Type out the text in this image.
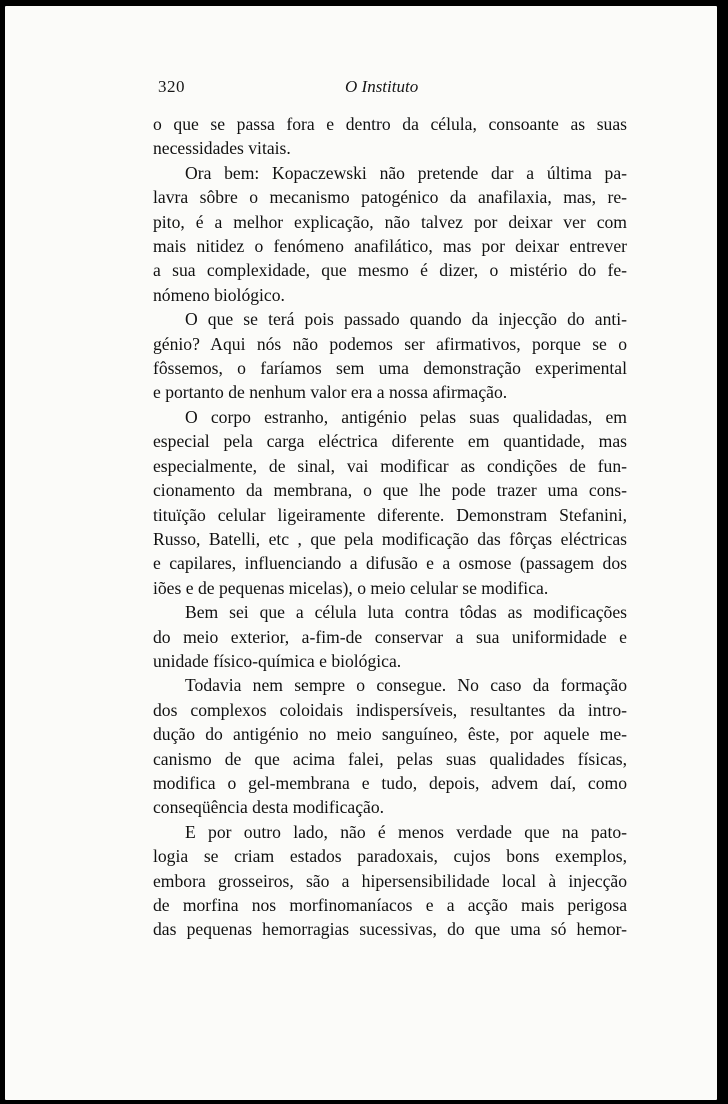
320	O Instituto

o que se passa fora e dentro da célula, consoante as suas

necessidades vitais.

Ora bem: Kopaczewski não pretende dar a última pa-

lavra sôbre o mecanismo patogénico da anafilaxia, mas, re-

pito, é a melhor explicação, não talvez por deixar ver com

mais nitidez o fenómeno anafilático, mas por deixar entrever

a sua complexidade, que mesmo é dizer, o mistério do fe-

nómeno biológico.

O que se terá pois passado quando da injecção do anti-

génio? Aqui nós não podemos ser afirmativos, porque se o

fôssemos, o faríamos sem uma demonstração experimental

e portanto de nenhum valor era a nossa afirmação.

O corpo estranho, antigénio pelas suas qualidadas, em

especial pela carga eléctrica diferente em quantidade, mas

especialmente, de sinal, vai modificar as condições de fun-

cionamento da membrana, o que lhe pode trazer uma cons-

tituïção celular ligeiramente diferente. Demonstram Stefanini,

Russo, Batelli, etc , que pela modificação das fôrças eléctricas

e capilares, influenciando a difusão e a osmose (passagem dos

iões e de pequenas micelas), o meio celular se modifica.

Bem sei que a célula luta contra tôdas as modificações

do meio exterior, a-fim-de conservar a sua uniformidade e

unidade físico-química e biológica.

Todavia nem sempre o consegue. No caso da formação

dos complexos coloidais indispersíveis, resultantes da intro-

dução do antigénio no meio sanguíneo, êste, por aquele me-

canismo de que acima falei, pelas suas qualidades físicas,

modifica o gel-membrana e tudo, depois, advem daí, como

conseqüência desta modificação.

E por outro lado, não é menos verdade que na pato-

logia se criam estados paradoxais, cujos bons exemplos,

embora grosseiros, são a hipersensibilidade local à injecção

de morfina nos morfinomaníacos e a acção mais perigosa

das pequenas hemorragias sucessivas, do que uma só hemor-
